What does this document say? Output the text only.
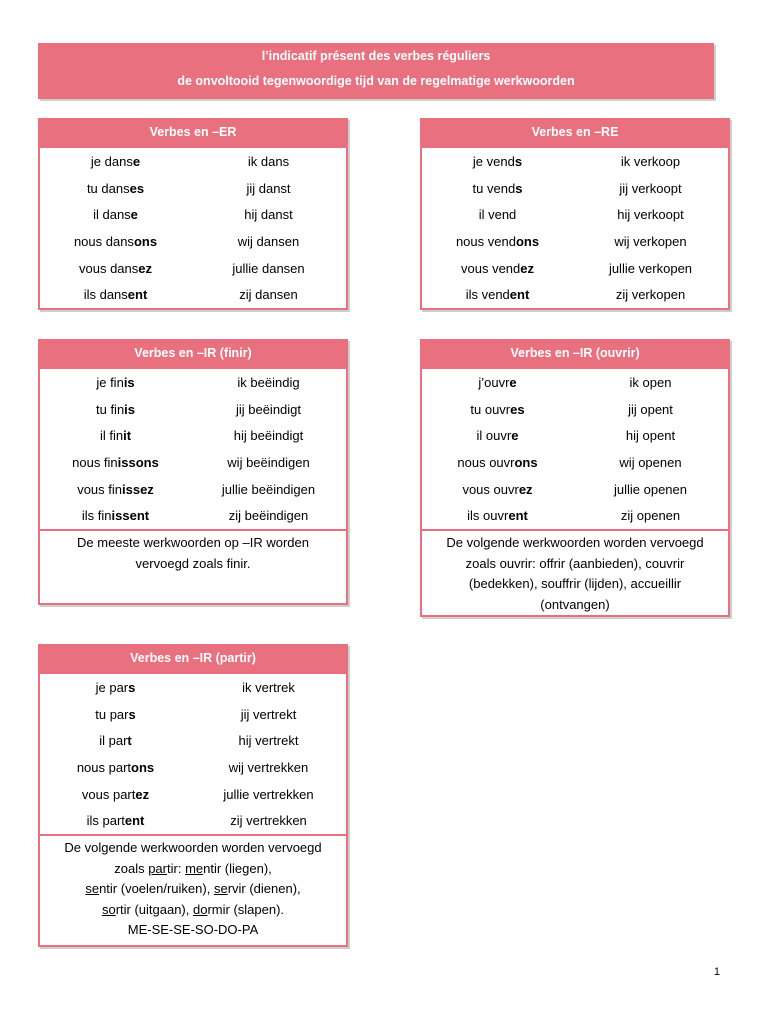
l’indicatif présent des verbes réguliers
de onvoltooid tegenwoordige tijd van de regelmatige werkwoorden
Verbes en –ER
je danse	ik dans
tu danses	jij danst
il danse	hij danst
nous dansons	wij dansen
vous dansez	jullie dansen
ils dansent	zij dansen
Verbes en –RE
je vends	ik verkoop
tu vends	jij verkoopt
il vend	hij verkoopt
nous vendons	wij verkopen
vous vendez	jullie verkopen
ils vendent	zij verkopen
Verbes en –IR (finir)
je finis	ik beëindig
tu finis	jij beëindigt
il finit	hij beëindigt
nous finissons	wij beëindigen
vous finissez	jullie beëindigen
ils finissent	zij beëindigen
De meeste werkwoorden op –IR worden
vervoegd zoals finir.
Verbes en –IR (ouvrir)
j’ouvre	ik open
tu ouvres	jij opent
il ouvre	hij opent
nous ouvrons	wij openen
vous ouvrez	jullie openen
ils ouvrent	zij openen
De volgende werkwoorden worden vervoegd
zoals ouvrir: offrir (aanbieden), couvrir
(bedekken), souffrir (lijden), accueillir
(ontvangen)
Verbes en –IR (partir)
je pars	ik vertrek
tu pars	jij vertrekt
il part	hij vertrekt
nous partons	wij vertrekken
vous partez	jullie vertrekken
ils partent	zij vertrekken
De volgende werkwoorden worden vervoegd
zoals partir: mentir (liegen),
sentir (voelen/ruiken), servir (dienen),
sortir (uitgaan), dormir (slapen).
ME-SE-SE-SO-DO-PA
1
